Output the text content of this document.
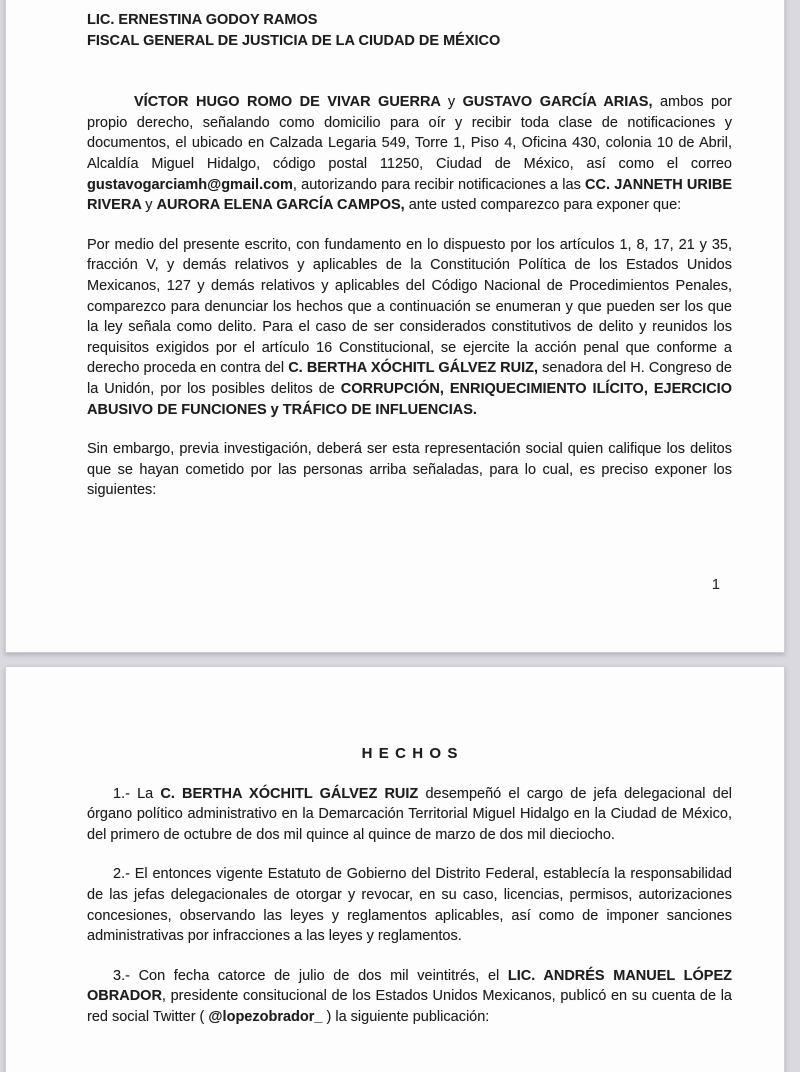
LIC. ERNESTINA GODOY RAMOS
FISCAL GENERAL DE JUSTICIA DE LA CIUDAD DE MÉXICO

VÍCTOR HUGO ROMO DE VIVAR GUERRA y GUSTAVO GARCÍA ARIAS, ambos por propio derecho, señalando como domicilio para oír y recibir toda clase de notificaciones y documentos, el ubicado en Calzada Legaria 549, Torre 1, Piso 4, Oficina 430, colonia 10 de Abril, Alcaldía Miguel Hidalgo, código postal 11250, Ciudad de México, así como el correo gustavogarciamh@gmail.com, autorizando para recibir notificaciones a las CC. JANNETH URIBE RIVERA y AURORA ELENA GARCÍA CAMPOS, ante usted comparezco para exponer que:

Por medio del presente escrito, con fundamento en lo dispuesto por los artículos 1, 8, 17, 21 y 35, fracción V, y demás relativos y aplicables de la Constitución Política de los Estados Unidos Mexicanos, 127 y demás relativos y aplicables del Código Nacional de Procedimientos Penales, comparezco para denunciar los hechos que a continuación se enumeran y que pueden ser los que la ley señala como delito. Para el caso de ser considerados constitutivos de delito y reunidos los requisitos exigidos por el artículo 16 Constitucional, se ejercite la acción penal que conforme a derecho proceda en contra del C. BERTHA XÓCHITL GÁLVEZ RUIZ, senadora del H. Congreso de la Unidón, por los posibles delitos de CORRUPCIÓN, ENRIQUECIMIENTO ILÍCITO, EJERCICIO ABUSIVO DE FUNCIONES y TRÁFICO DE INFLUENCIAS.

Sin embargo, previa investigación, deberá ser esta representación social quien califique los delitos que se hayan cometido por las personas arriba señaladas, para lo cual, es preciso exponer los siguientes:

1
HECHOS

1.- La C. BERTHA XÓCHITL GÁLVEZ RUIZ desempeñó el cargo de jefa delegacional del órgano político administrativo en la Demarcación Territorial Miguel Hidalgo en la Ciudad de México, del primero de octubre de dos mil quince al quince de marzo de dos mil dieciocho.

2.- El entonces vigente Estatuto de Gobierno del Distrito Federal, establecía la responsabilidad de las jefas delegacionales de otorgar y revocar, en su caso, licencias, permisos, autorizaciones concesiones, observando las leyes y reglamentos aplicables, así como de imponer sanciones administrativas por infracciones a las leyes y reglamentos.

3.- Con fecha catorce de julio de dos mil veintitrés, el LIC. ANDRÉS MANUEL LÓPEZ OBRADOR, presidente consitucional de los Estados Unidos Mexicanos, publicó en su cuenta de la red social Twitter ( @lopezobrador_ ) la siguiente publicación:
